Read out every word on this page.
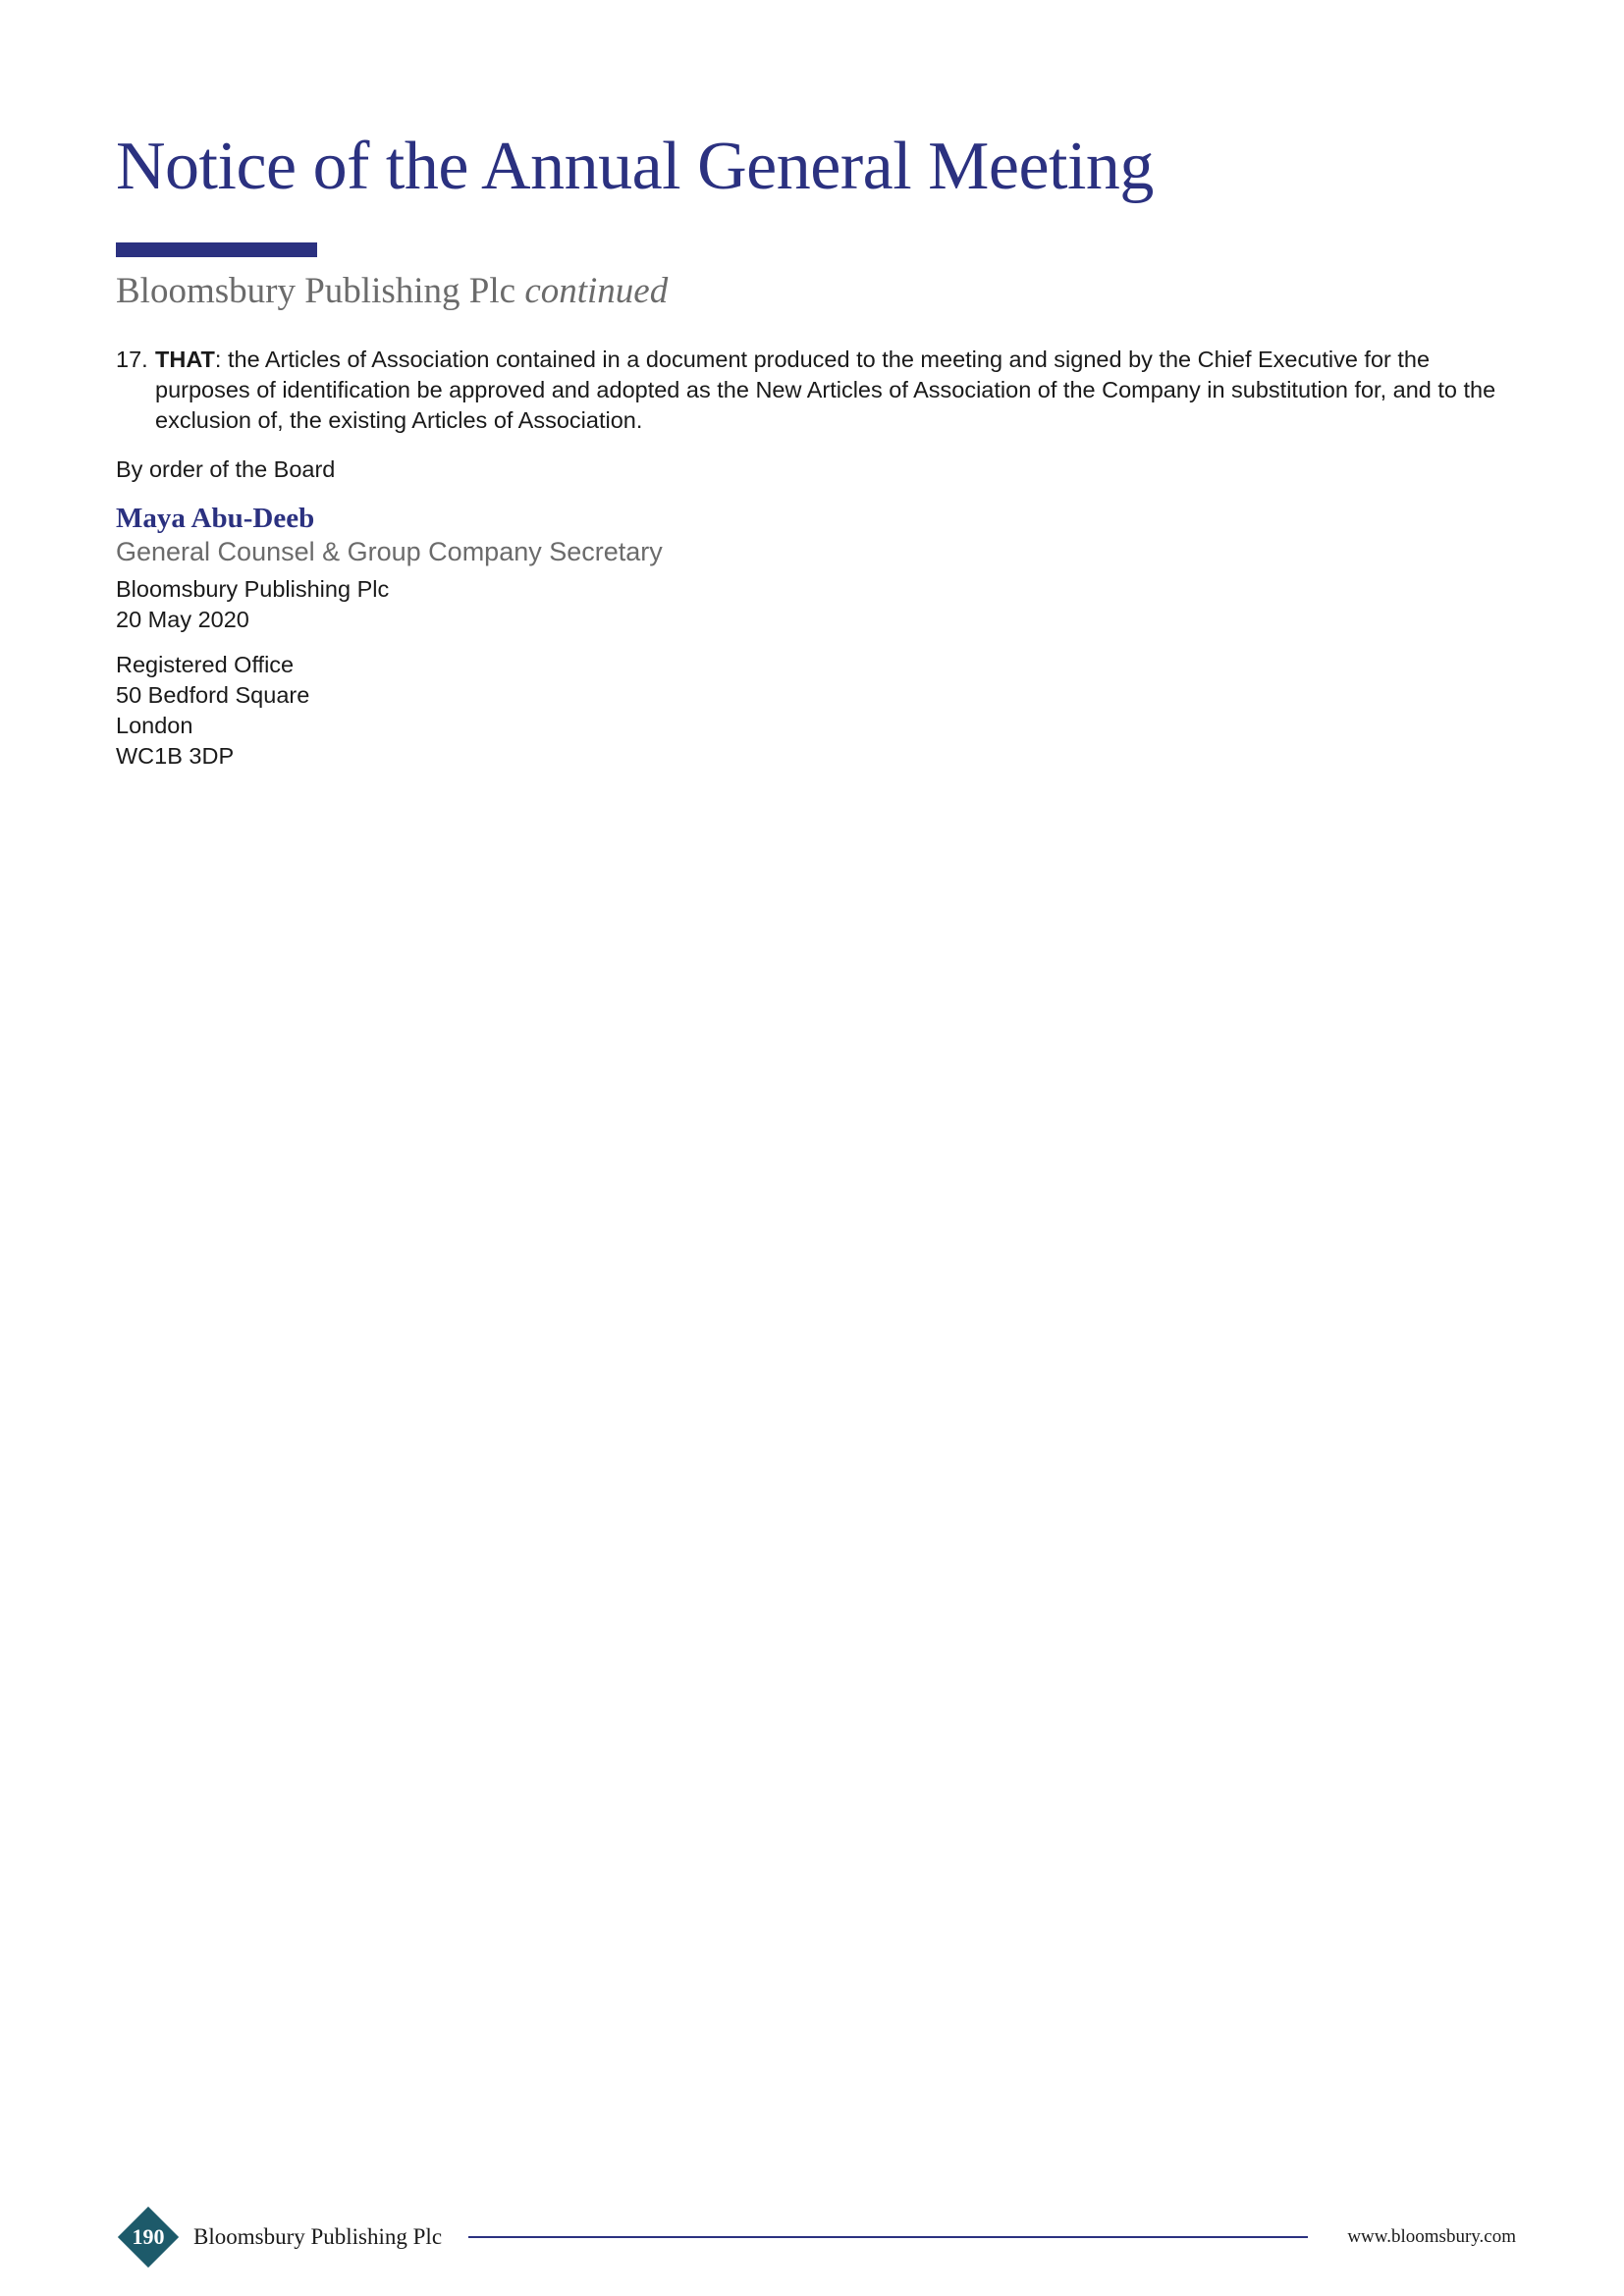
Notice of the Annual General Meeting
Bloomsbury Publishing Plc continued
17. THAT: the Articles of Association contained in a document produced to the meeting and signed by the Chief Executive for the purposes of identification be approved and adopted as the New Articles of Association of the Company in substitution for, and to the exclusion of, the existing Articles of Association.
By order of the Board
Maya Abu-Deeb
General Counsel & Group Company Secretary
Bloomsbury Publishing Plc
20 May 2020
Registered Office
50 Bedford Square
London
WC1B 3DP
190	Bloomsbury Publishing Plc	www.bloomsbury.com
